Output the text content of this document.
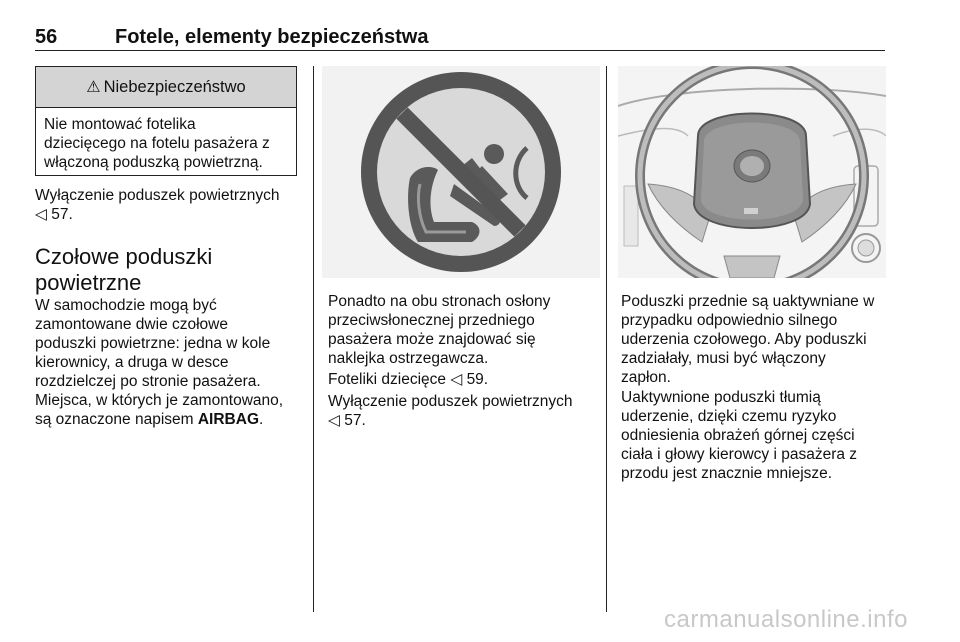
56	Fotele, elementy bezpieczeństwa
⚠ Niebezpieczeństwo
Nie montować fotelika
dziecięcego na fotelu pasażera z
włączoną poduszką powietrzną.
Wyłączenie poduszek powietrznych
◁ 57.
Czołowe poduszki
powietrzne
W samochodzie mogą być
zamontowane dwie czołowe
poduszki powietrzne: jedna w kole
kierownicy, a druga w desce
rozdzielczej po stronie pasażera.
Miejsca, w których je zamontowano,
są oznaczone napisem AIRBAG.
Ponadto na obu stronach osłony
przeciwsłonecznej przedniego
pasażera może znajdować się
naklejka ostrzegawcza.
Foteliki dziecięce ◁ 59.
Wyłączenie poduszek powietrznych
◁ 57.
Poduszki przednie są uaktywniane w
przypadku odpowiednio silnego
uderzenia czołowego. Aby poduszki
zadziałały, musi być włączony
zapłon.
Uaktywnione poduszki tłumią
uderzenie, dzięki czemu ryzyko
odniesienia obrażeń górnej części
ciała i głowy kierowcy i pasażera z
przodu jest znacznie mniejsze.
carmanualsonline.info
